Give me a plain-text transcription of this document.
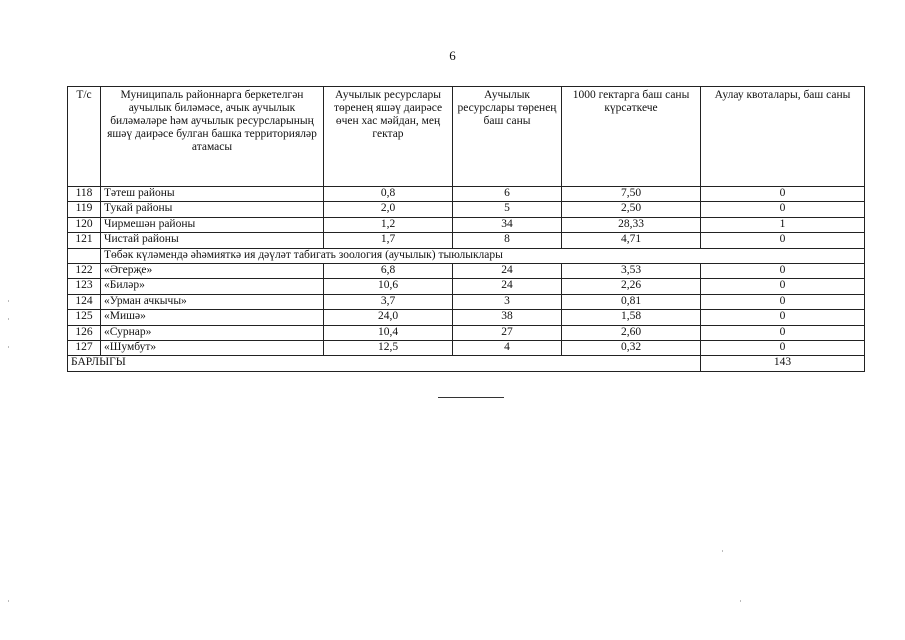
6
Т/с	Муниципаль районнарга беркетелгән аучылык биләмәсе, ачык аучылык биләмәләре һәм аучылык ресурсларының яшәү даирәсе булган башка территорияләр атамасы	Аучылык ресурслары төренең яшәү даирәсе өчен хас мәйдан, мең гектар	Аучылык ресурслары төренең баш саны	1000 гектарга баш саны күрсәткече	Аулау квоталары, баш саны
118	Тәтеш районы	0,8	6	7,50	0
119	Тукай районы	2,0	5	2,50	0
120	Чирмешән районы	1,2	34	28,33	1
121	Чистай районы	1,7	8	4,71	0
	Төбәк күләмендә әһәмияткә ия дәүләт табигать зоология (аучылык) тыюлыклары				
122	«Әгерҗе»	6,8	24	3,53	0
123	«Биләр»	10,6	24	2,26	0
124	«Урман ачкычы»	3,7	3	0,81	0
125	«Мишә»	24,0	38	1,58	0
126	«Сурнар»	10,4	27	2,60	0
127	«Шумбут»	12,5	4	0,32	0
БАРЛЫГЫ					143
